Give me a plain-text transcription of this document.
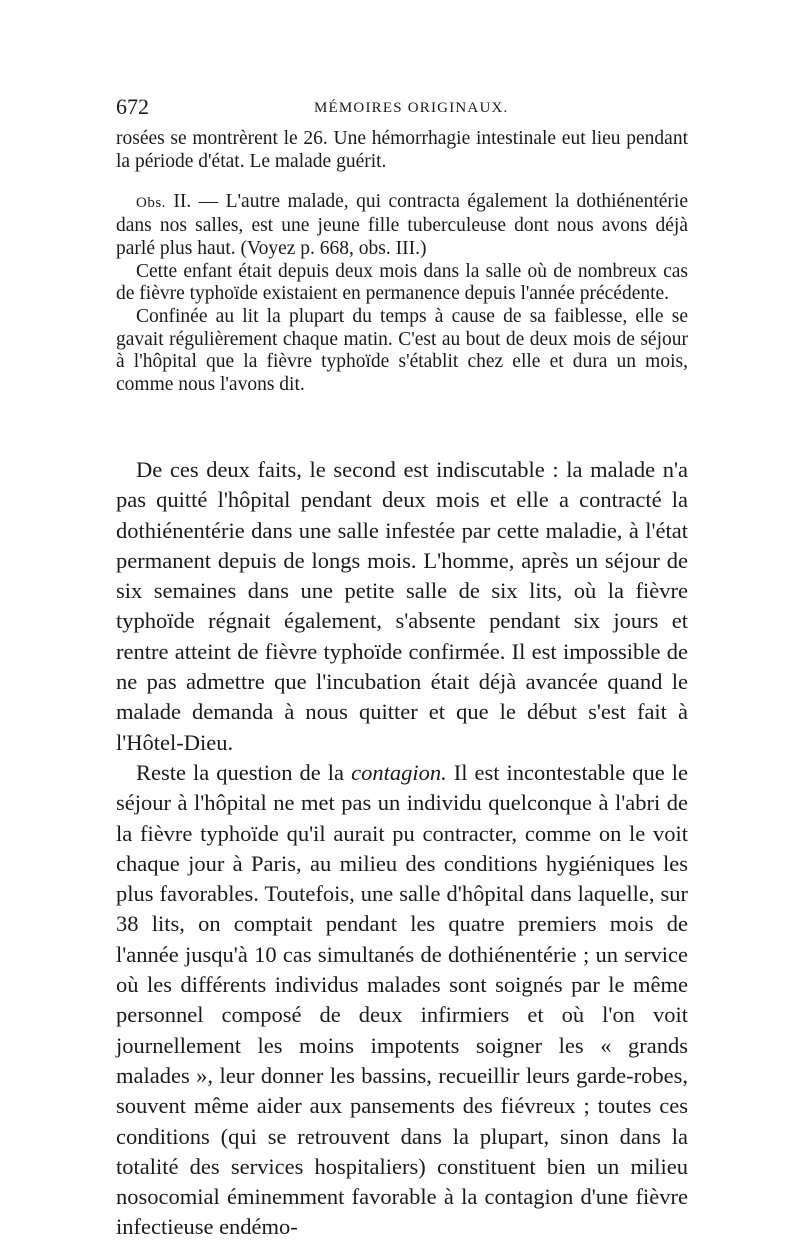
672	MÉMOIRES ORIGINAUX.

rosées se montrèrent le 26. Une hémorrhagie intestinale eut lieu pendant la période d'état. Le malade guérit.

Obs. II. — L'autre malade, qui contracta également la dothiénentérie dans nos salles, est une jeune fille tuberculeuse dont nous avons déjà parlé plus haut. (Voyez p. 668, obs. III.)

Cette enfant était depuis deux mois dans la salle où de nombreux cas de fièvre typhoïde existaient en permanence depuis l'année précédente.

Confinée au lit la plupart du temps à cause de sa faiblesse, elle se gavait régulièrement chaque matin. C'est au bout de deux mois de séjour à l'hôpital que la fièvre typhoïde s'établit chez elle et dura un mois, comme nous l'avons dit.

De ces deux faits, le second est indiscutable : la malade n'a pas quitté l'hôpital pendant deux mois et elle a contracté la dothiénentérie dans une salle infestée par cette maladie, à l'état permanent depuis de longs mois. L'homme, après un séjour de six semaines dans une petite salle de six lits, où la fièvre typhoïde régnait également, s'absente pendant six jours et rentre atteint de fièvre typhoïde confirmée. Il est impossible de ne pas admettre que l'incubation était déjà avancée quand le malade demanda à nous quitter et que le début s'est fait à l'Hôtel-Dieu.

Reste la question de la contagion. Il est incontestable que le séjour à l'hôpital ne met pas un individu quelconque à l'abri de la fièvre typhoïde qu'il aurait pu contracter, comme on le voit chaque jour à Paris, au milieu des conditions hygiéniques les plus favorables. Toutefois, une salle d'hôpital dans laquelle, sur 38 lits, on comptait pendant les quatre premiers mois de l'année jusqu'à 10 cas simultanés de dothiénentérie ; un service où les différents individus malades sont soignés par le même personnel composé de deux infirmiers et où l'on voit journellement les moins impotents soigner les « grands malades », leur donner les bassins, recueillir leurs garde-robes, souvent même aider aux pansements des fiévreux ; toutes ces conditions (qui se retrouvent dans la plupart, sinon dans la totalité des services hospitaliers) constituent bien un milieu nosocomial éminemment favorable à la contagion d'une fièvre infectieuse endémo-
